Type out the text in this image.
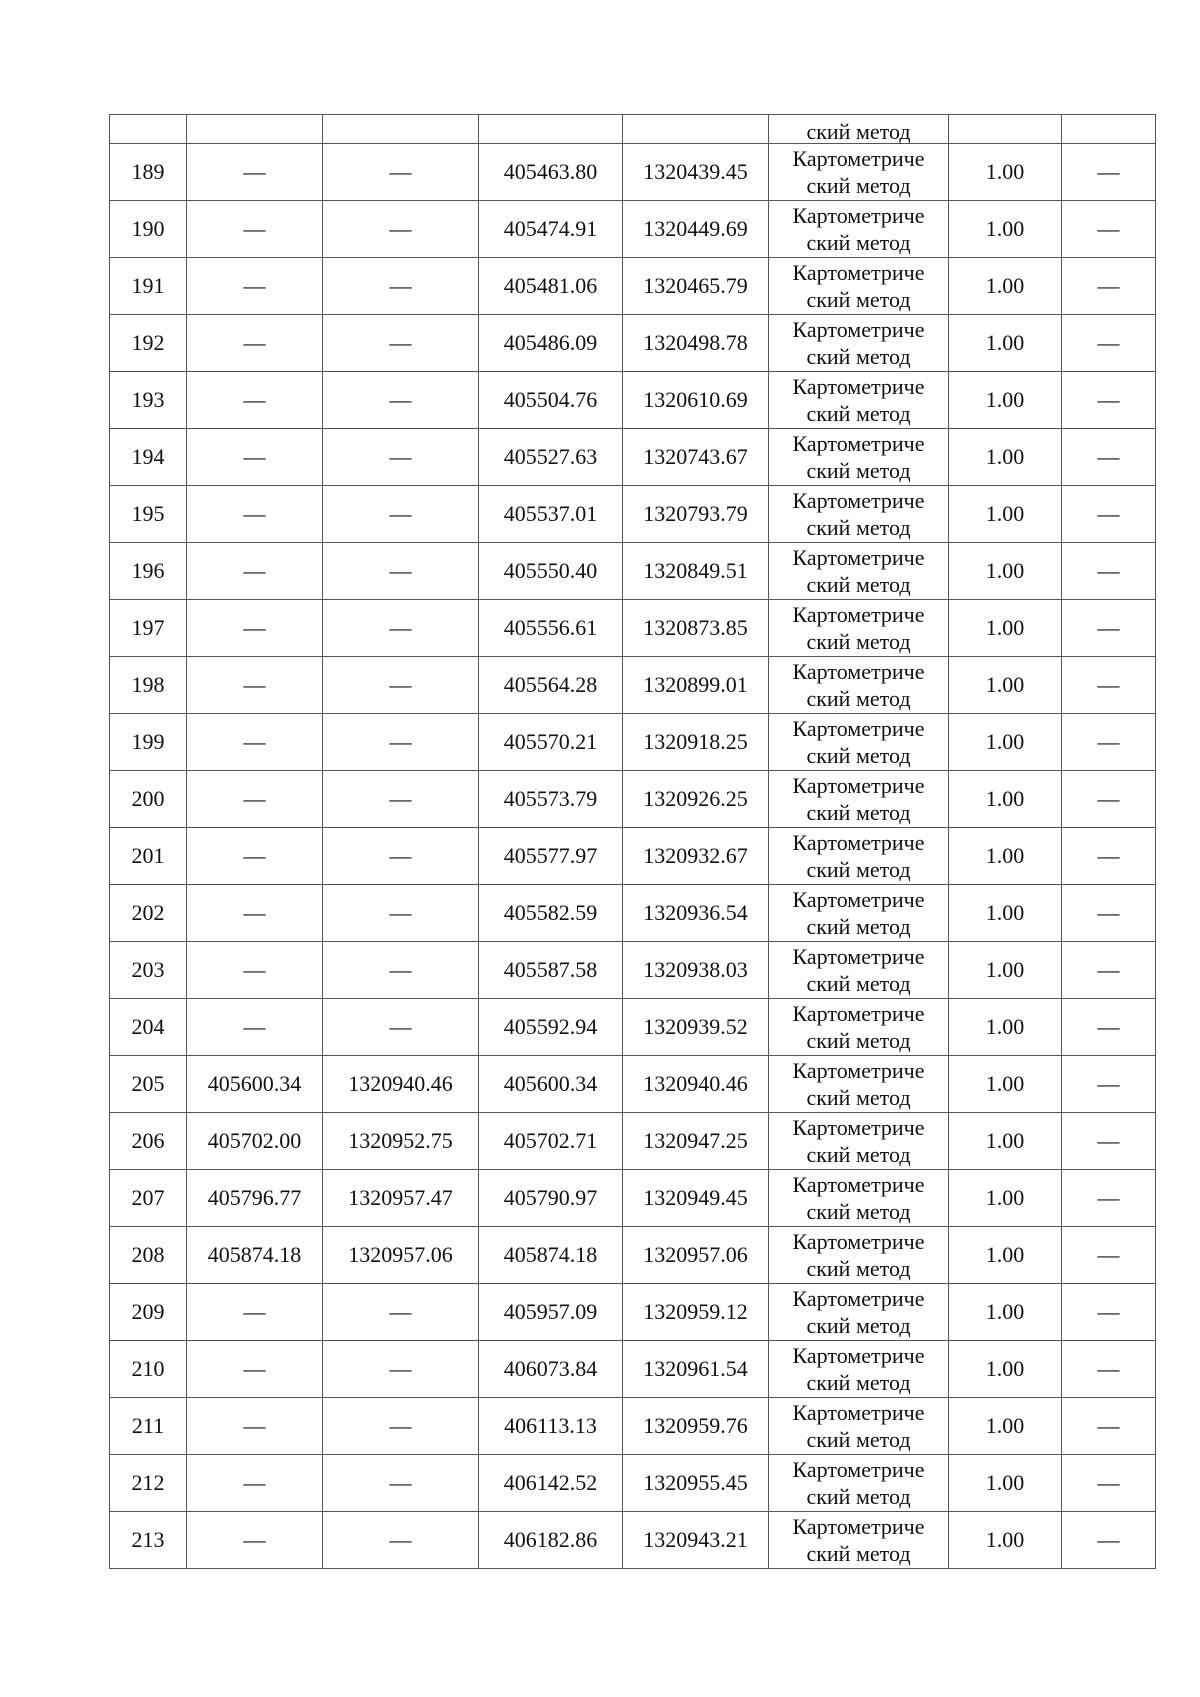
					ский метод		
189	—	—	405463.80	1320439.45	Картометриче
ский метод	1.00	—
190	—	—	405474.91	1320449.69	Картометриче
ский метод	1.00	—
191	—	—	405481.06	1320465.79	Картометриче
ский метод	1.00	—
192	—	—	405486.09	1320498.78	Картометриче
ский метод	1.00	—
193	—	—	405504.76	1320610.69	Картометриче
ский метод	1.00	—
194	—	—	405527.63	1320743.67	Картометриче
ский метод	1.00	—
195	—	—	405537.01	1320793.79	Картометриче
ский метод	1.00	—
196	—	—	405550.40	1320849.51	Картометриче
ский метод	1.00	—
197	—	—	405556.61	1320873.85	Картометриче
ский метод	1.00	—
198	—	—	405564.28	1320899.01	Картометриче
ский метод	1.00	—
199	—	—	405570.21	1320918.25	Картометриче
ский метод	1.00	—
200	—	—	405573.79	1320926.25	Картометриче
ский метод	1.00	—
201	—	—	405577.97	1320932.67	Картометриче
ский метод	1.00	—
202	—	—	405582.59	1320936.54	Картометриче
ский метод	1.00	—
203	—	—	405587.58	1320938.03	Картометриче
ский метод	1.00	—
204	—	—	405592.94	1320939.52	Картометриче
ский метод	1.00	—
205	405600.34	1320940.46	405600.34	1320940.46	Картометриче
ский метод	1.00	—
206	405702.00	1320952.75	405702.71	1320947.25	Картометриче
ский метод	1.00	—
207	405796.77	1320957.47	405790.97	1320949.45	Картометриче
ский метод	1.00	—
208	405874.18	1320957.06	405874.18	1320957.06	Картометриче
ский метод	1.00	—
209	—	—	405957.09	1320959.12	Картометриче
ский метод	1.00	—
210	—	—	406073.84	1320961.54	Картометриче
ский метод	1.00	—
211	—	—	406113.13	1320959.76	Картометриче
ский метод	1.00	—
212	—	—	406142.52	1320955.45	Картометриче
ский метод	1.00	—
213	—	—	406182.86	1320943.21	Картометриче
ский метод	1.00	—
